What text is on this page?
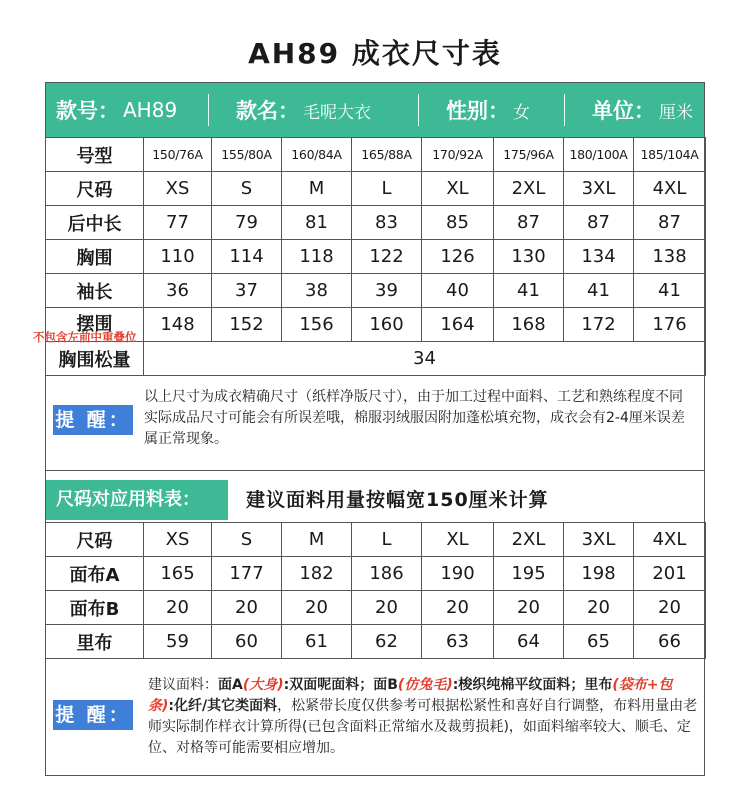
AH89 成衣尺寸表
款号： AH89	款名： 毛呢大衣	性别： 女	单位： 厘米
号型	150/76A	155/80A	160/84A	165/88A	170/92A	175/96A	180/100A	185/104A
尺码	XS	S	M	L	XL	2XL	3XL	4XL
后中长	77	79	81	83	85	87	87	87
胸围	110	114	118	122	126	130	134	138
袖长	36	37	38	39	40	41	41	41
摆围	148	152	156	160	164	168	172	176
胸围松量	34							
不包含左前中重叠位
提 醒：
以上尺寸为成衣精确尺寸（纸样净版尺寸），由于加工过程中面料、工艺和熟练程度不同实际成品尺寸可能会有所误差哦，棉服羽绒服因附加蓬松填充物，成衣会有2-4厘米误差属正常现象。
尺码对应用料表：	建议面料用量按幅宽150厘米计算
尺码	XS	S	M	L	XL	2XL	3XL	4XL
面布A	165	177	182	186	190	195	198	201
面布B	20	20	20	20	20	20	20	20
里布	59	60	61	62	63	64	65	66
提 醒：
建议面料：面A(大身):双面呢面料；面B(仿兔毛):梭织纯棉平纹面料；里布(袋布+包条):化纤/其它类面料，松紧带长度仅供参考可根据松紧性和喜好自行调整，布料用量由老师实际制作样衣计算所得(已包含面料正常缩水及裁剪损耗)，如面料缩率较大、顺毛、定位、对格等可能需要相应增加。
